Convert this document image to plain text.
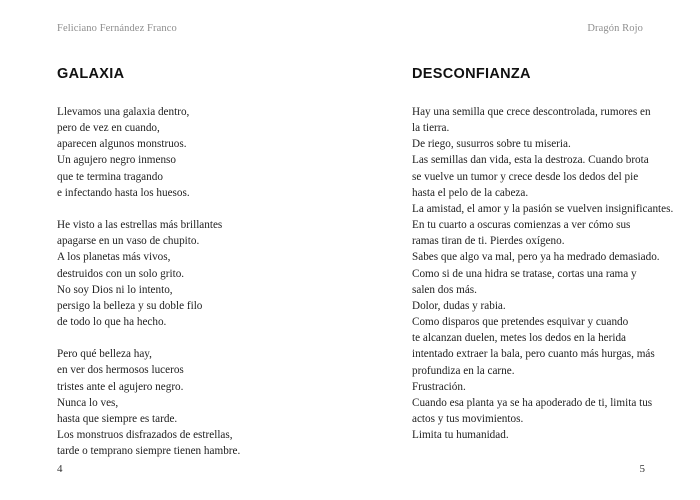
Feliciano Fernández Franco
GALAXIA

Llevamos una galaxia dentro,
pero de vez en cuando,
aparecen algunos monstruos.
Un agujero negro inmenso
que te termina tragando
e infectando hasta los huesos.

He visto a las estrellas más brillantes
apagarse en un vaso de chupito.
A los planetas más vivos,
destruidos con un solo grito.
No soy Dios ni lo intento,
persigo la belleza y su doble filo
de todo lo que ha hecho.

Pero qué belleza hay,
en ver dos hermosos luceros
tristes ante el agujero negro.
Nunca lo ves,
hasta que siempre es tarde.
Los monstruos disfrazados de estrellas,
tarde o temprano siempre tienen hambre.

4
Dragón Rojo
DESCONFIANZA

Hay una semilla que crece descontrolada, rumores en
la tierra.
De riego, susurros sobre tu miseria.
Las semillas dan vida, esta la destroza. Cuando brota
se vuelve un tumor y crece desde los dedos del pie
hasta el pelo de la cabeza.
La amistad, el amor y la pasión se vuelven insignificantes.
En tu cuarto a oscuras comienzas a ver cómo sus
ramas tiran de ti. Pierdes oxígeno.
Sabes que algo va mal, pero ya ha medrado demasiado.
Como si de una hidra se tratase, cortas una rama y
salen dos más.
Dolor, dudas y rabia.
Como disparos que pretendes esquivar y cuando
te alcanzan duelen, metes los dedos en la herida
intentado extraer la bala, pero cuanto más hurgas, más
profundiza en la carne.
Frustración.
Cuando esa planta ya se ha apoderado de ti, limita tus
actos y tus movimientos.
Limita tu humanidad.

5
